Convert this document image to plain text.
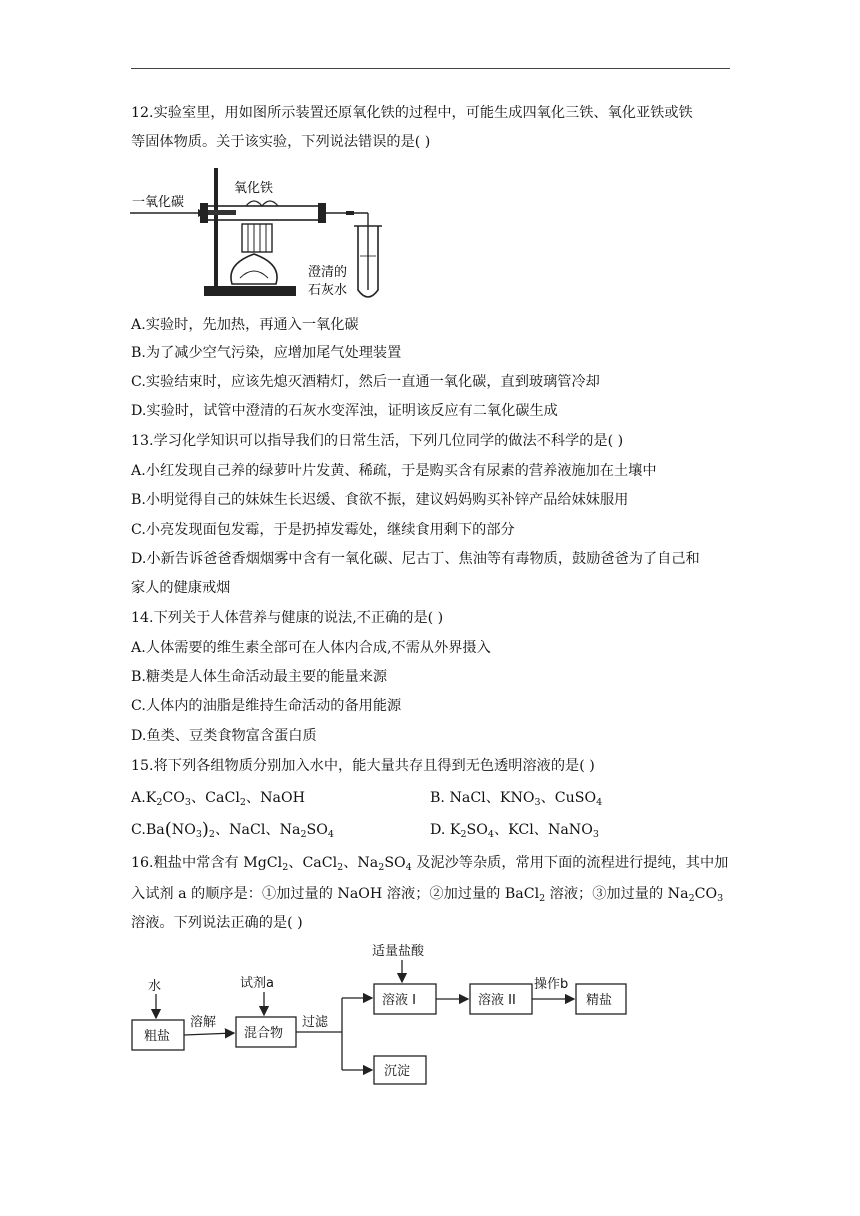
12.实验室里，用如图所示装置还原氧化铁的过程中，可能生成四氧化三铁、氧化亚铁或铁
等固体物质。关于该实验，下列说法错误的是( )
一氧化碳
氧化铁
澄清的
石灰水
A.实验时，先加热，再通入一氧化碳
B.为了减少空气污染，应增加尾气处理装置
C.实验结束时，应该先熄灭酒精灯，然后一直通一氧化碳，直到玻璃管冷却
D.实验时，试管中澄清的石灰水变浑浊，证明该反应有二氧化碳生成
13.学习化学知识可以指导我们的日常生活，下列几位同学的做法不科学的是( )
A.小红发现自己养的绿萝叶片发黄、稀疏，于是购买含有尿素的营养液施加在土壤中
B.小明觉得自己的妹妹生长迟缓、食欲不振，建议妈妈购买补锌产品给妹妹服用
C.小亮发现面包发霉，于是扔掉发霉处，继续食用剩下的部分
D.小新告诉爸爸香烟烟雾中含有一氧化碳、尼古丁、焦油等有毒物质，鼓励爸爸为了自己和
家人的健康戒烟
14.下列关于人体营养与健康的说法,不正确的是( )
A.人体需要的维生素全部可在人体内合成,不需从外界摄入
B.糖类是人体生命活动最主要的能量来源
C.人体内的油脂是维持生命活动的备用能源
D.鱼类、豆类食物富含蛋白质
15.将下列各组物质分别加入水中，能大量共存且得到无色透明溶液的是( )
$A.K_2CO_3$、CaCl$_2$、NaOH	B. NaCl、$KNO_3$、CuSO$_4$
$C.Ba(NO_3)_2$、NaCl、$Na_2SO_4$	D. $K_2SO_4$、KCl、NaNO$_3$
16.粗盐中常含有 MgCl$_2$、CaCl$_2$、$Na_2SO_4$ 及泥沙等杂质，常用下面的流程进行提纯，其中加
入试剂 a 的顺序是：①加过量的 NaOH 溶液；②加过量的 BaCl$_2$ 溶液；③加过量的 $Na_2CO_3$
溶液。下列说法正确的是( )
水
粗盐
溶解
试剂a
混合物
过滤
适量盐酸
溶液 I	溶液 II
操作b
精盐
沉淀
